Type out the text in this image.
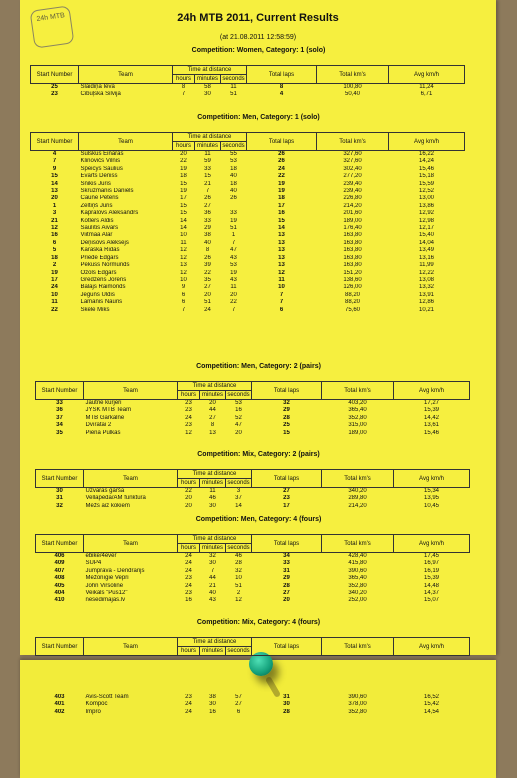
24h MTB	24h MTB 2011, Current Results
(at 21.08.2011 12:58:59)
Competition: Women, Category: 1 (solo)
Start Number	Team	Time at distance			Total laps	Total km's	Avg km/h
		hours	minutes	seconds			
25	Slaidiņa Ieva	8	58	11	8	100,80	11,24
23	Cibuļska Silvija	7	30	51	4	50,40	6,71
Competition: Men, Category: 1 (solo)
Start Number	Team	Time at distance			Total laps	Total km's	Avg km/h
		hours	minutes	seconds			
4	Sulskus Einaras	20	11	55	26	327,60	16,22
7	Klinovičs Vilnis	22	59	53	26	327,60	14,24
9	Speicys Saulius	19	33	18	24	302,40	15,46
15	Evarts Deniss	18	15	40	22	277,20	15,18
14	Snikis Juris	15	21	18	19	239,40	15,59
13	Skrūzmanis Daniels	19	7	40	19	239,40	12,52
20	Caune Pēteris	17	26	26	18	226,80	13,00
1	Zeltiņš Juris	15	27		17	214,20	13,86
3	Kapralovs Aleksandrs	15	36	33	16	201,60	12,92
21	Kotlers Aldis	14	33	19	15	189,00	12,98
12	Saulītis Aivars	14	29	51	14	176,40	12,17
16	Viitmaa Alar	10	38	1	13	163,80	15,40
6	Deņisovs Aleksejs	11	40	7	13	163,80	14,04
5	Karaska Ridas	12	8	47	13	163,80	13,49
18	Priede Edgars	12	26	43	13	163,80	13,16
2	Pekuss Normunds	13	39	53	13	163,80	11,99
19	Ozols Edgars	12	22	19	12	151,20	12,22
17	Gredzens Jorens	10	35	43	11	138,60	13,08
24	Balajs Raimonds	9	27	11	10	126,00	13,32
10	Jeguns Uldis	6	20	20	7	88,20	13,91
11	Lāmanis Nauris	6	51	22	7	88,20	12,86
22	Škēle Miks	7	24	7	6	75,60	10,21
Competition: Men, Category: 2 (pairs)
Start Number	Team	Time at distance			Total laps	Total km's	Avg km/h
		hours	minutes	seconds			
33	Jautrie kurjeri	23	20	53	32	403,20	17,27
36	JYSK MTB Team	23	44	16	29	365,40	15,39
37	MTB Garkalne	24	27	52	28	352,80	14,42
34	Dvīratai 2	23	8	47	25	315,00	13,61
35	Piena Pulkas	12	13	20	15	189,00	15,46
Competition: Mix, Category: 2 (pairs)
Start Number	Team	Time at distance			Total laps	Total km's	Avg km/h
		hours	minutes	seconds			
30	Uzvaras garša	22	11	3	27	340,20	15,34
31	Vellapēdā/AM funktūra	20	46	37	23	289,80	13,95
32	Mežs aiz kokiem	20	30	14	17	214,20	10,45
Competition: Men, Category: 4 (fours)
Start Number	Team	Time at distance			Total laps	Total km's	Avg km/h
		hours	minutes	seconds			
406	ebike/4ever	24	32	46	34	428,40	17,45
409	SUP4	24	30	28	33	415,80	16,97
407	Jumprava - Dendrārijs	24	7	32	31	390,60	16,19
408	Mežonīgie Vepri	23	44	10	29	365,40	15,39
405	John Virsoline	24	21	51	28	352,80	14,48
404	Veikals "Pus12"	23	40	2	27	340,20	14,37
410	nesedimajas.lv	16	43	12	20	252,00	15,07
Competition: Mix, Category: 4 (fours)
Start Number	Team	Time at distance			Total laps	Total km's	Avg km/h
		hours	minutes	seconds			
403	Avis-Scott Team	23	38	57	31	390,60	16,52
401	Kompoc	24	30	27	30	378,00	15,42
402	Impro	24	16	6	28	352,80	14,54
